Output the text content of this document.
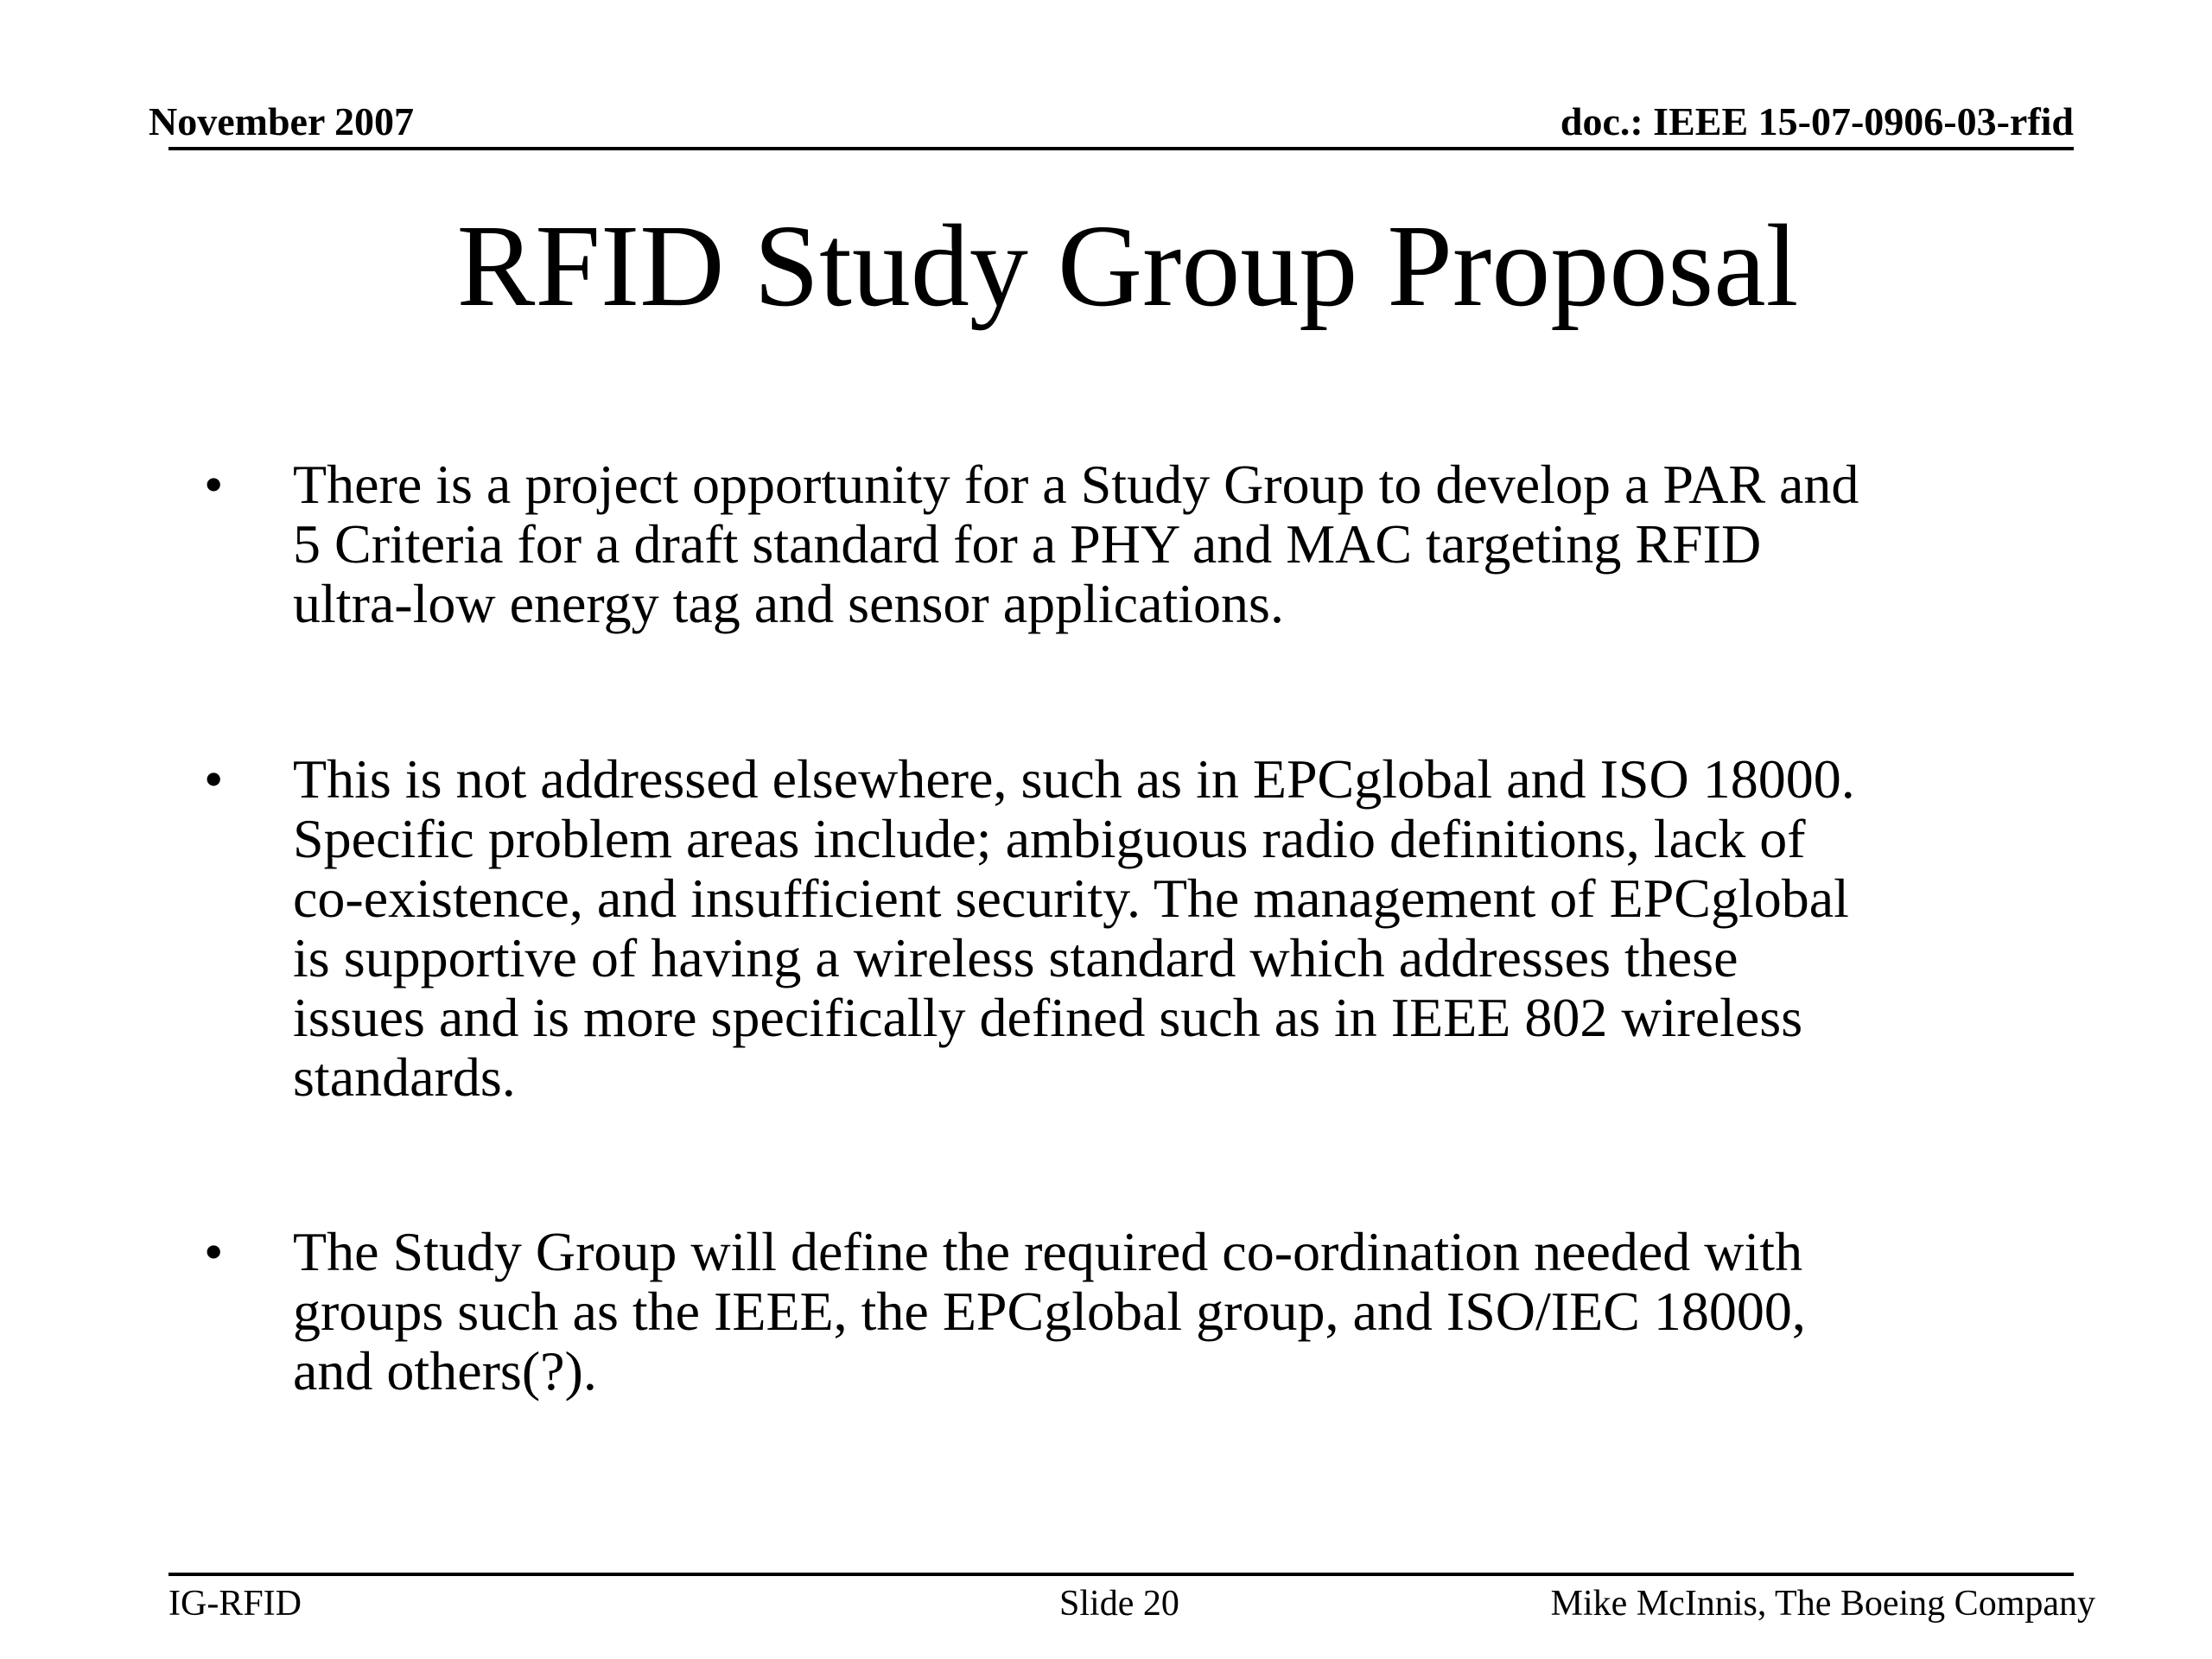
November 2007	doc.: IEEE 15-07-0906-03-rfid
RFID Study Group Proposal
• There is a project opportunity for a Study Group to develop a PAR and
5 Criteria for a draft standard for a PHY and MAC targeting RFID
ultra-low energy tag and sensor applications.
• This is not addressed elsewhere, such as in EPCglobal and ISO 18000.
Specific problem areas include; ambiguous radio definitions, lack of
co-existence, and insufficient security. The management of EPCglobal
is supportive of having a wireless standard which addresses these
issues and is more specifically defined such as in IEEE 802 wireless
standards.
• The Study Group will define the required co-ordination needed with
groups such as the IEEE, the EPCglobal group, and ISO/IEC 18000,
and others(?).
IG-RFID	Slide 20	Mike McInnis, The Boeing Company
